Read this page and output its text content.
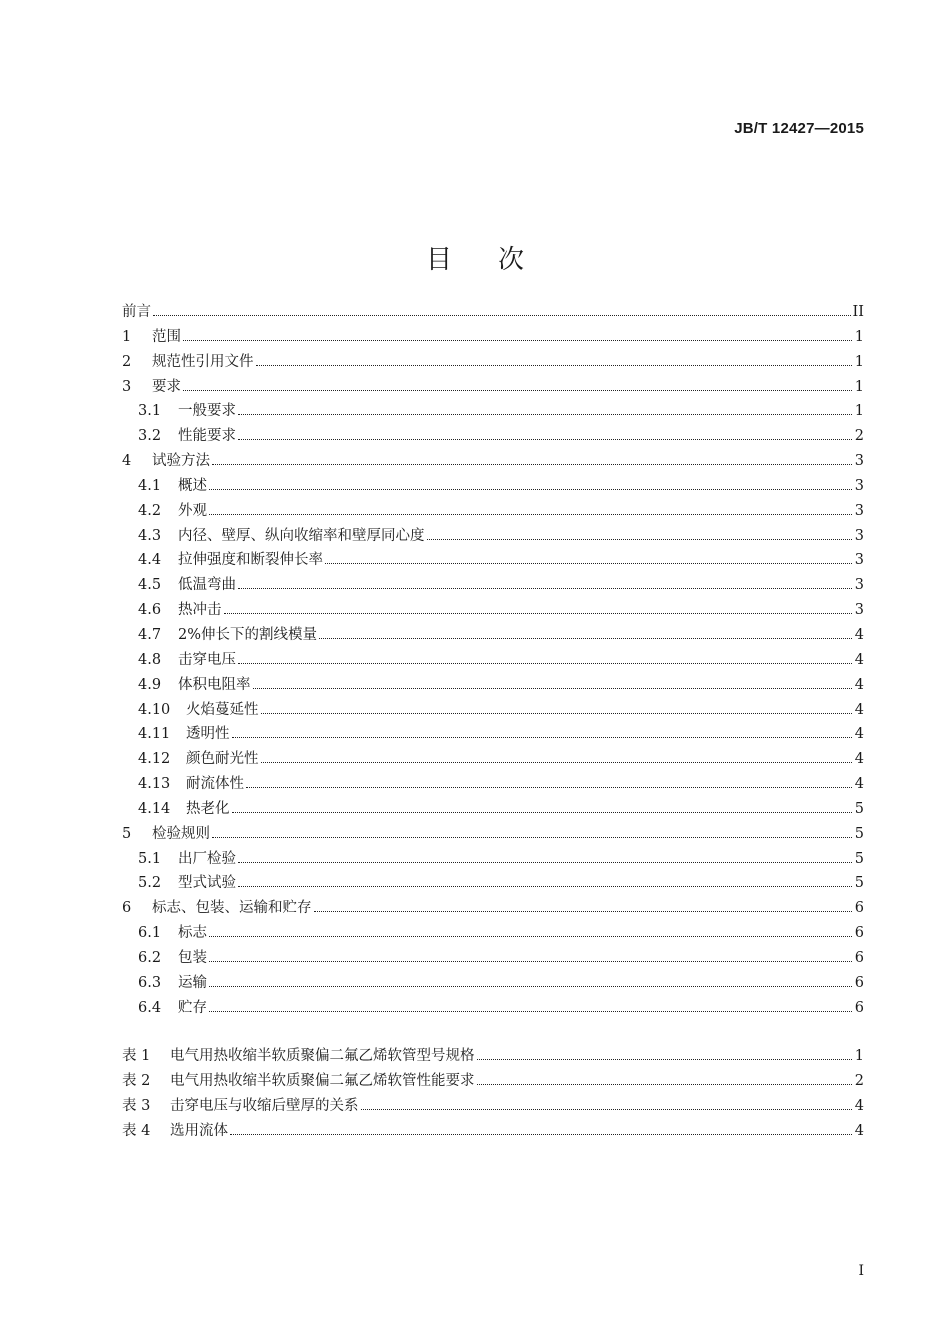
JB/T 12427—2015
目次
前言	II
1	范围	1
2	规范性引用文件	1
3	要求	1
3.1	一般要求	1
3.2	性能要求	2
4	试验方法	3
4.1	概述	3
4.2	外观	3
4.3	内径、壁厚、纵向收缩率和壁厚同心度	3
4.4	拉伸强度和断裂伸长率	3
4.5	低温弯曲	3
4.6	热冲击	3
4.7	2%伸长下的割线模量	4
4.8	击穿电压	4
4.9	体积电阻率	4
4.10	火焰蔓延性	4
4.11	透明性	4
4.12	颜色耐光性	4
4.13	耐流体性	4
4.14	热老化	5
5	检验规则	5
5.1	出厂检验	5
5.2	型式试验	5
6	标志、包装、运输和贮存	6
6.1	标志	6
6.2	包装	6
6.3	运输	6
6.4	贮存	6
表 1	电气用热收缩半软质聚偏二氟乙烯软管型号规格	1
表 2	电气用热收缩半软质聚偏二氟乙烯软管性能要求	2
表 3	击穿电压与收缩后壁厚的关系	4
表 4	选用流体	4
I
